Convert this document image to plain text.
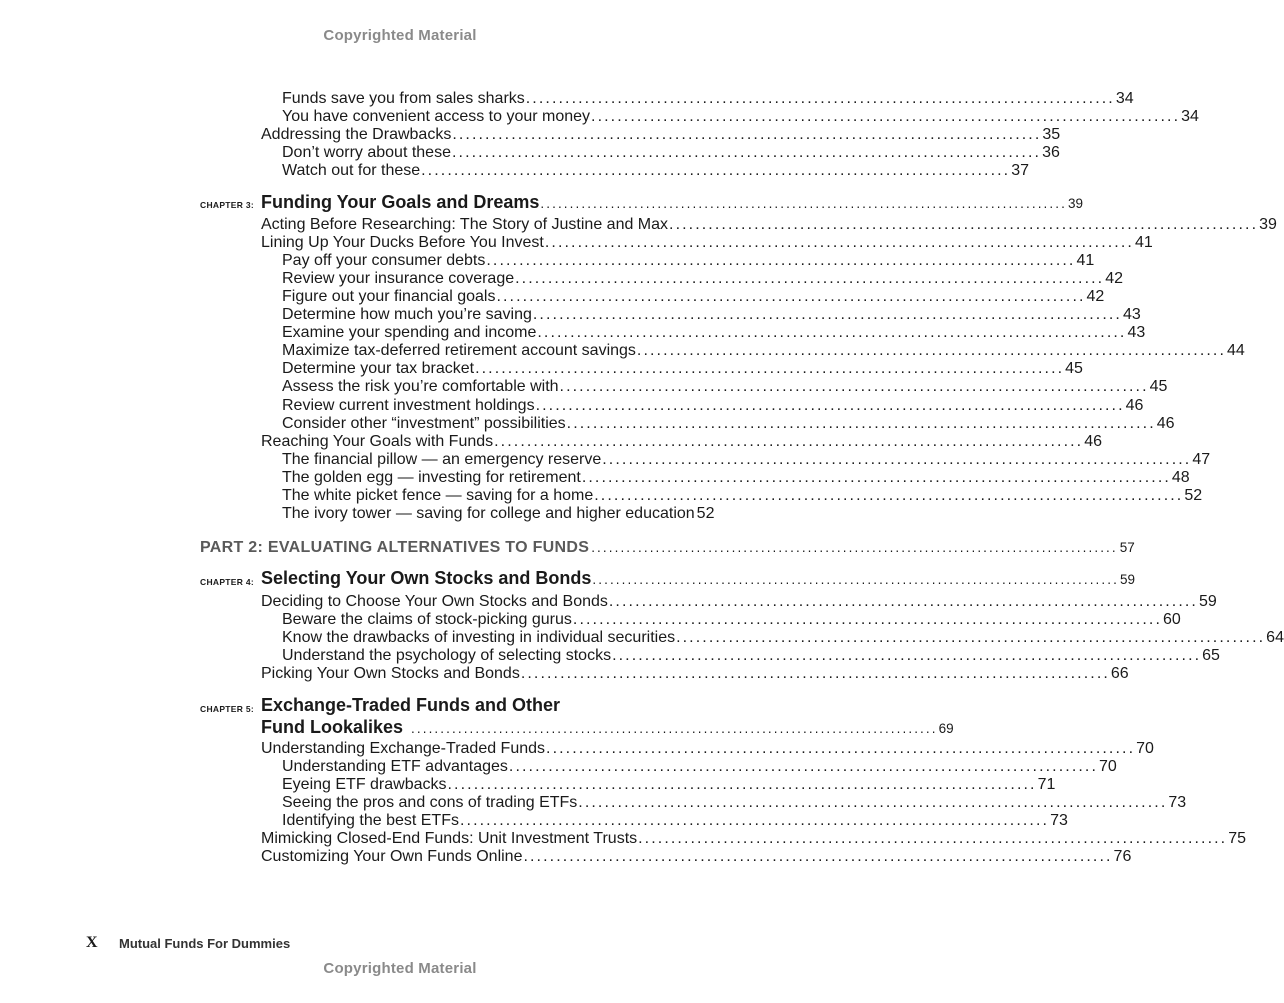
Copyrighted Material
Funds save you from sales sharks .......................................................................................... 34
You have convenient access to your money .......................................................................................... 34
Addressing the Drawbacks .......................................................................................... 35
Don’t worry about these .......................................................................................... 36
Watch out for these .......................................................................................... 37
CHAPTER 3: Funding Your Goals and Dreams .......................................................................................... 39
Acting Before Researching: The Story of Justine and Max .......................................................................................... 39
Lining Up Your Ducks Before You Invest .......................................................................................... 41
Pay off your consumer debts .......................................................................................... 41
Review your insurance coverage .......................................................................................... 42
Figure out your financial goals .......................................................................................... 42
Determine how much you’re saving .......................................................................................... 43
Examine your spending and income .......................................................................................... 43
Maximize tax-deferred retirement account savings .......................................................................................... 44
Determine your tax bracket .......................................................................................... 45
Assess the risk you’re comfortable with .......................................................................................... 45
Review current investment holdings .......................................................................................... 46
Consider other “investment” possibilities .......................................................................................... 46
Reaching Your Goals with Funds .......................................................................................... 46
The financial pillow — an emergency reserve .......................................................................................... 47
The golden egg — investing for retirement .......................................................................................... 48
The white picket fence — saving for a home .......................................................................................... 52
The ivory tower — saving for college and higher education 52
PART 2: EVALUATING ALTERNATIVES TO FUNDS .......................................................................................... 57
CHAPTER 4: Selecting Your Own Stocks and Bonds .......................................................................................... 59
Deciding to Choose Your Own Stocks and Bonds .......................................................................................... 59
Beware the claims of stock-picking gurus .......................................................................................... 60
Know the drawbacks of investing in individual securities .......................................................................................... 64
Understand the psychology of selecting stocks .......................................................................................... 65
Picking Your Own Stocks and Bonds .......................................................................................... 66
CHAPTER 5: Exchange-Traded Funds and Other
Fund Lookalikes .......................................................................................... 69
Understanding Exchange-Traded Funds .......................................................................................... 70
Understanding ETF advantages .......................................................................................... 70
Eyeing ETF drawbacks .......................................................................................... 71
Seeing the pros and cons of trading ETFs .......................................................................................... 73
Identifying the best ETFs .......................................................................................... 73
Mimicking Closed-End Funds: Unit Investment Trusts .......................................................................................... 75
Customizing Your Own Funds Online .......................................................................................... 76
X Mutual Funds For Dummies
Copyrighted Material
